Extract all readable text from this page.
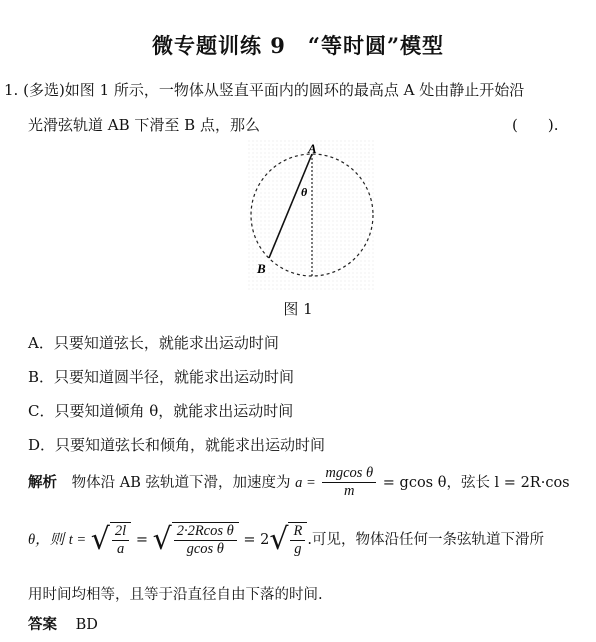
微专题训练 9　“等时圆”模型
1. (多选)如图 1 所示，一物体从竖直平面内的圆环的最高点 A 处由静止开始沿
光滑弦轨道 AB 下滑至 B 点，那么	(　　).
A
B
θ
图 1
A．只要知道弦长，就能求出运动时间
B．只要知道圆半径，就能求出运动时间
C．只要知道倾角 θ，就能求出运动时间
D．只要知道弦长和倾角，就能求出运动时间
解析 物体沿 AB 弦轨道下滑，加速度为 $a = \frac{\text{mgcos θ}}{m} = gcos$ θ，弦长 l = 2R·cos
θ，则 t = √ $\frac{2l}{a}$ = √ $\frac{\text{2·2Rcos θ}}{\text{gcos θ}} = 2√ \frac{R}{g}$ .可见，物体沿任何一条弦轨道下滑所
用时间均相等，且等于沿直径自由下落的时间.
答案 BD
